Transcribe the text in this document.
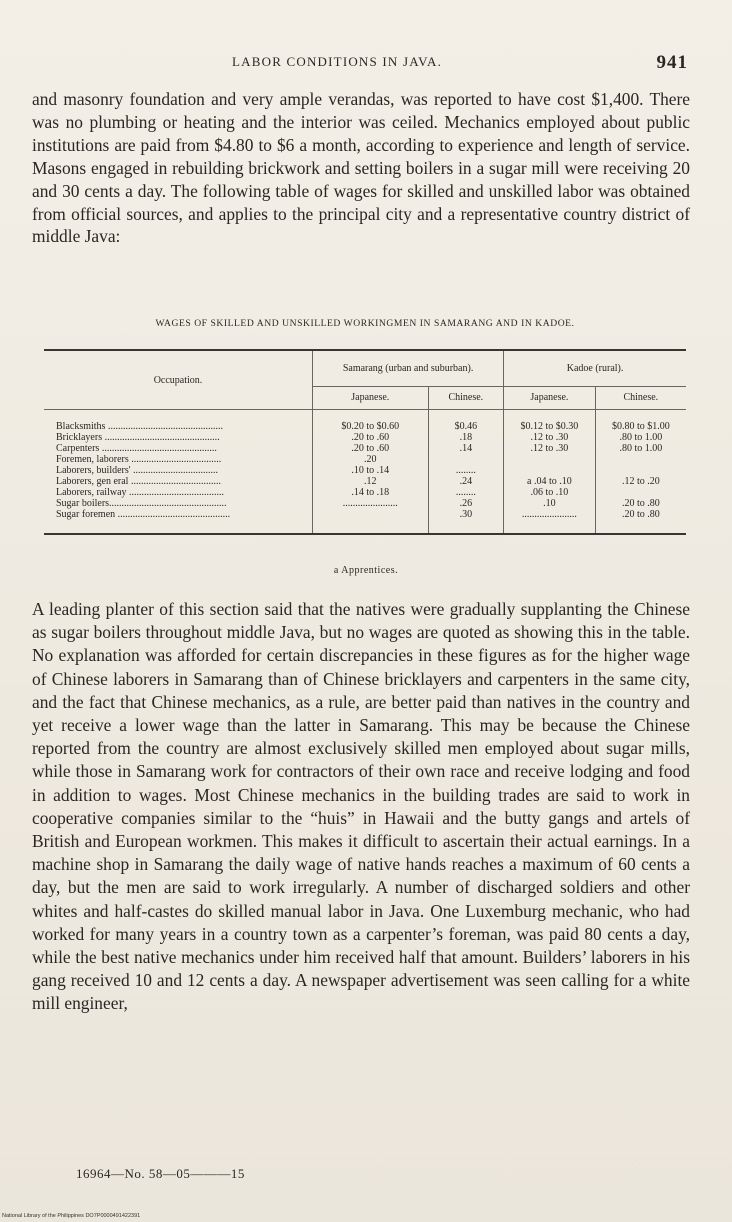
LABOR CONDITIONS IN JAVA.	941

and masonry foundation and very ample verandas, was reported to have cost $1,400. There was no plumbing or heating and the interior was ceiled. Mechanics employed about public institutions are paid from $4.80 to $6 a month, according to experience and length of service. Masons engaged in rebuilding brickwork and setting boilers in a sugar mill were receiving 20 and 30 cents a day. The following table of wages for skilled and unskilled labor was obtained from official sources, and applies to the principal city and a representative country district of middle Java:

WAGES OF SKILLED AND UNSKILLED WORKINGMEN IN SAMARANG AND IN KADOE.
Occupation.	Samarang (urban and suburban).		Kadoe (rural).	
	Japanese.	Chinese.	Japanese.	Chinese.
Blacksmiths ..............................................	$0.20 to $0.60	$0.46	$0.12 to $0.30	$0.80 to $1.00
Bricklayers ..............................................	.20 to .60	.18	.12 to .30	.80 to 1.00
Carpenters ..............................................	.20 to .60	.14	.12 to .30	.80 to 1.00
Foremen, laborers ....................................	.20			
Laborers, builders' ..................................	.10 to .14	........		
Laborers, gen eral ....................................	.12	.24	a .04 to .10	.12 to .20
Laborers, railway ......................................	.14 to .18	........	.06 to .10	
Sugar boilers...............................................	......................	.26	.10	.20 to .80
Sugar foremen .............................................		.30	......................	.20 to .80
a Apprentices.

A leading planter of this section said that the natives were gradually supplanting the Chinese as sugar boilers throughout middle Java, but no wages are quoted as showing this in the table. No explanation was afforded for certain discrepancies in these figures as for the higher wage of Chinese laborers in Samarang than of Chinese bricklayers and carpenters in the same city, and the fact that Chinese mechanics, as a rule, are better paid than natives in the country and yet receive a lower wage than the latter in Samarang. This may be because the Chinese reported from the country are almost exclusively skilled men employed about sugar mills, while those in Samarang work for contractors of their own race and receive lodging and food in addition to wages. Most Chinese mechanics in the building trades are said to work in cooperative companies similar to the “huis” in Hawaii and the butty gangs and artels of British and European workmen. This makes it difficult to ascertain their actual earnings. In a machine shop in Samarang the daily wage of native hands reaches a maximum of 60 cents a day, but the men are said to work irregularly. A number of discharged soldiers and other whites and half-castes do skilled manual labor in Java. One Luxemburg mechanic, who had worked for many years in a country town as a carpenter’s foreman, was paid 80 cents a day, while the best native mechanics under him received half that amount. Builders’ laborers in his gang received 10 and 12 cents a day. A newspaper advertisement was seen calling for a white mill engineer,

16964—No. 58—05———15
National Library of the Philippines DO7P0000491422391
